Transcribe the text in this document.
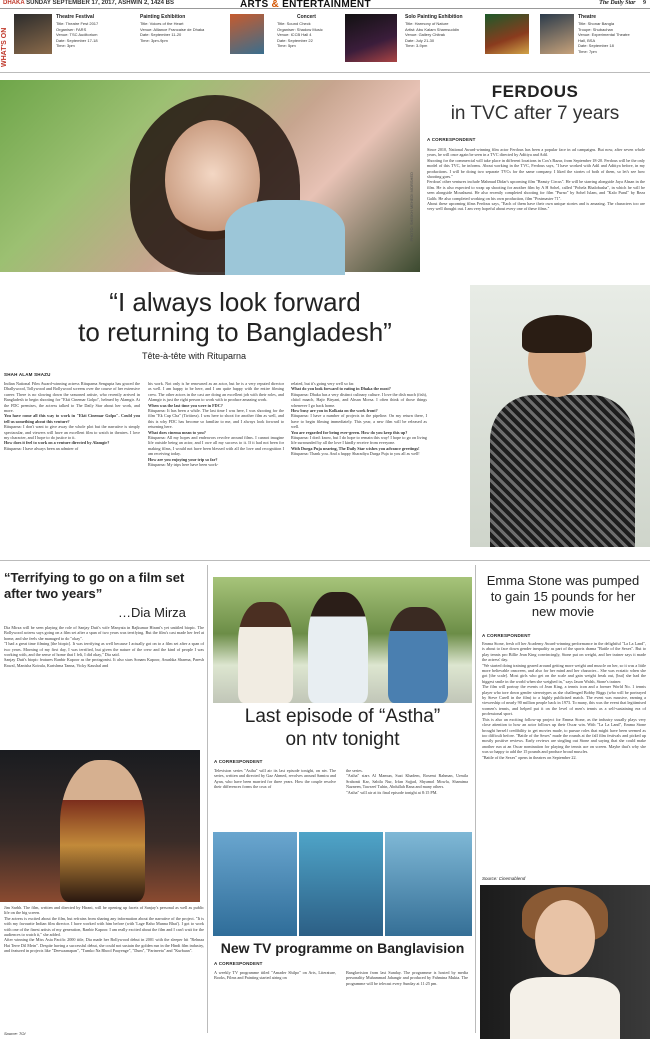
DHAKA SUNDAY SEPTEMBER 17, 2017, ASHWIN 2, 1424 BS	ARTS & ENTERTAINMENT	The Daily Star 9
WHAT'S ON
Theatre Festival
Title: Theatre Fest 2017
Organiser: FARS
Venue: TSC Auditorium
Date: September 17-18
Time: 3pm
Painting Exhibition
Title: Voices of the Heart
Venue: Alliance Francaise de Dhaka
Date: September 11-20
Time: 3pm-9pm
Concert
Title: Sound Check
Organiser: Shadow Music
Venue: ICCB Hall 4
Date: September 22
Time: 5pm
Solo Painting Exhibition
Title: Harmony of Nature
Artist: Abu Kalam Shamsuddin
Venue: Gallery Chitrak
Date: July 21-30
Time: 3-9pm
Theatre
Title: Shonar Bangla
Troupe: Shubachan
Venue: Experimental Theatre
Hall, BSA
Date: September 18
Time: 7pm
PHOTO: SHEIKH MEHEDI MORSHED
FERDOUS
in TVC after 7 years
A CORRESPONDENT

Since 2010, National Award-winning film actor Ferdous has been a popular face in ad campaigns. But now, after seven whole years, he will once again be seen in a TVC directed by Adittya and Adil.

Shooting for the commercial will take place in different locations in Cox's Bazar, from September 18-20. Ferdous will be the only model of this TVC, he informs. About working in the TVC, Ferdous says, "I have worked with Adil and Adittya before, in my productions. I will be doing two separate TVCs for the same company. I liked the stories of both of them, so let's see how shooting goes."

Ferdous' other ventures include Mahmud Didar's upcoming film "Beauty Circus". He will be starring alongside Jaya Ahsan in the film. He is also expected to wrap up shooting for another film by A H Sohel, called "Pohela Bhalobasha", in which he will be seen alongside Moushumi. He also recently completed shooting for film "Purno" by Sohel Islam, and "Kalo Purul" by Reza Galib. He also completed working on his own production, film "Postmaster 71".

About these upcoming films Ferdous says, "Each of them have their own unique stories and is amazing. The characters too are very well thought out. I am very hopeful about every one of these films."

“I always look forward
to returning to Bangladesh”
Tête-à-tête with Rituparna
SHAH ALAM SHAZU

Indian National Film Award-winning actress Rituparna Sengupta has graced the Dhallywood, Tollywood and Bollywood screens over the course of her extensive career. There is no slowing down the seasoned artiste, who recently arrived in Bangladesh to begin shooting for "Ekti Cinemar Golpo", helmed by Alamgir. At the FDC premises, the actress talked to The Daily Star about her work, and more.

You have come all this way to work in "Ekti Cinemar Golpo". Could you tell us something about this venture?

Rituparna: I don't want to give away the whole plot but the narrative is simply spectacular, and viewers will have an excellent film to watch in theatres. I love my character, and I hope to do justice to it.

How does it feel to work on a venture directed by Alamgir?

Rituparna: I have always been an admirer of

his work. Not only is he renowned as an actor, but he is a very reputed director as well. I am happy to be here, and I am quite happy with the entire filming crew. The other actors in the cast are doing an excellent job with their roles, and Alamgir is just the right person to work with to produce amazing work.

When was the last time you were in FDC?

Rituparna: It has been a while. The last time I was here, I was shooting for the film "Ek Cup Cha" (Tiritirea). I was here to shoot for another film as well, and this is why FDC has become so familiar to me, and I always look forward to returning here.

What does cinema mean to you?

Rituparna: All my hopes and endeavors revolve around films. I cannot imagine life outside being an actor, and I owe all my success to it. If it had not been for making films, I would not have been blessed with all the love and recognition I am receiving today.

How are you enjoying your trip so far?

Rituparna: My trips here have been work-

related, but it's going very well so far.

What do you look forward to eating in Dhaka the most?

Rituparna: Dhaka has a very distinct culinary culture. I love the dish mach (fish), chitol maach, Hajir Biryani, and Ahsan Morsa. I often think of those things whenever I go back home.

How busy are you in Kolkata on the work front?

Rituparna: I have a number of projects in the pipeline. On my return there, I have to begin filming immediately. This year, a new film will be released as well.

You are regarded for being ever-green. How do you keep this up?

Rituparna: I don't know, but I do hope to remain this way! I hope to go on living life surrounded by all the love I kindly receive from everyone.

With Durga Puja nearing, The Daily Star wishes you advance greetings!

Rituparna: Thank you. And a happy Sharadiya Durga Puja to you all as well!

“Terrifying to go on a film set after two years”
…Dia Mirza

Dia Mirza will be seen playing the role of Sanjay Dutt's wife Manyata in Rajkumar Hirani's yet untitled biopic. The Bollywood actress says going on a film set after a span of two years was terrifying. But the film's cast made her feel at home, and she feels she managed to do "okay".

"I had a great time filming [the biopic]. It was terrifying as well because I actually got on to a film set after a span of two years. Morning of my first day, I was terrified, but given the nature of the crew and the kind of people I was working with, and the sense of home that I felt, I did okay," Dia said.

Sanjay Dutt's biopic features Ranbir Kapoor as the protagonist. It also stars Sonam Kapoor, Anushka Sharma, Paresh Rawal, Manisha Koirala, Karishma Tanna, Vicky Kaushal and

Jim Sarbh. The film, written and directed by Hirani, will be opening up facets of Sanjay's personal as well as public life on the big screen.

The actress is excited about the film, but refrains from sharing any information about the narrative of the project. "It is with my favourite Indian film director. I have worked with him before (with 'Lage Raho Munna Bhai'). I got to work with one of the finest artists of my generation, Ranbir Kapoor. I am really excited about the film and I can't wait for the audiences to watch it," she added.

After winning the Miss Asia Pacific 2000 title, Dia made her Bollywood debut in 2001 with the sleeper hit "Rehnaa Hai Terre Dil Mein". Despite having a successful debut, she could not sustain the golden run in the Hindi film industry, and featured in projects like "Deewaanapan", "Tumko Na Bhool Paayenge", "Dum", "Parineeta" and "Kurbaan".

Source: TOI
Last episode of “Astha”
on ntv tonight
A CORRESPONDENT
Television series "Astha" will air its last episode tonight, on ntv. The series, written and directed by Gaz Ahmed, revolves around Samira and Ayan, who have been married for three years. How the couple resolve their differences forms the crux of

the series.

"Astha" stars Al Mamun, Suzi Khadem, Rosemi Rahman, Urmila Srabonti Kar, Sabila Nur, Irfan Sajjad, Shyamol Mowla, Shamima Nazneen, Tawseef Tuhin, Abdullah Rana and many others.

"Astha" will air at its final episode tonight at 8:15 PM.

New TV programme on Banglavision
A CORRESPONDENT
A weekly TV programme titled "Amader Shilpo" on Arts, Literature, Books, Films and Painting started airing on
Banglavision from last Sunday. The programme is hosted by media personality Muhammad Jahangir and produced by Fahmina Mukta. The programme will be telecast every Sunday at 11:25 pm.
Emma Stone was pumped to gain 15 pounds for her new movie
A CORRESPONDENT

Emma Stone, fresh off her Academy Award-winning performance in the delightful "La La Land", is about to face down gender inequality as part of the sports drama "Battle of the Sexes". But to play tennis pro Billie Jean King convincingly, Stone put on weight, and her trainer says it made the actress' day.

"We started doing training geared around getting more weight and muscle on her, so it was a little more believable onscreen, and also for her mind and her character... She was ecstatic when she got [the scale]. Most girls who get on the scale and gain weight freak out, [but] she had the biggest smile in the world when she weighed in," says Jason Walsh, Stone's trainer.

The film will portray the events of Jean King, a tennis icon and a former World No. 1 tennis player who tore down gender stereotypes as she challenged Bobby Riggs (who will be portrayed by Steve Carell in the film) to a highly publicised match. The event was massive, earning a viewership of nearly 90 million people back in 1973. To many, this was the event that legitimised women's tennis, and helped put it on the level of men's tennis as a self-sustaining era of professional sport.

This is also an exciting follow-up project for Emma Stone, as the industry usually plays very close attention to how an actor follows up their Oscar win. With "La La Land", Emma Stone brought herself credibility to get movies made, to pursue roles that might have been seemed as too difficult before. "Battle of the Sexes" made the rounds at the fall film festivals and picked up mostly positive reviews. Early reviews are singling out Stone and saying that she could make another run at an Oscar nomination for playing the tennis ace on screen. Maybe that's why she was so happy to add the 15 pounds and produce broad muscles.

"Battle of the Sexes" opens in theatres on September 22.

Source: Cinemablend
